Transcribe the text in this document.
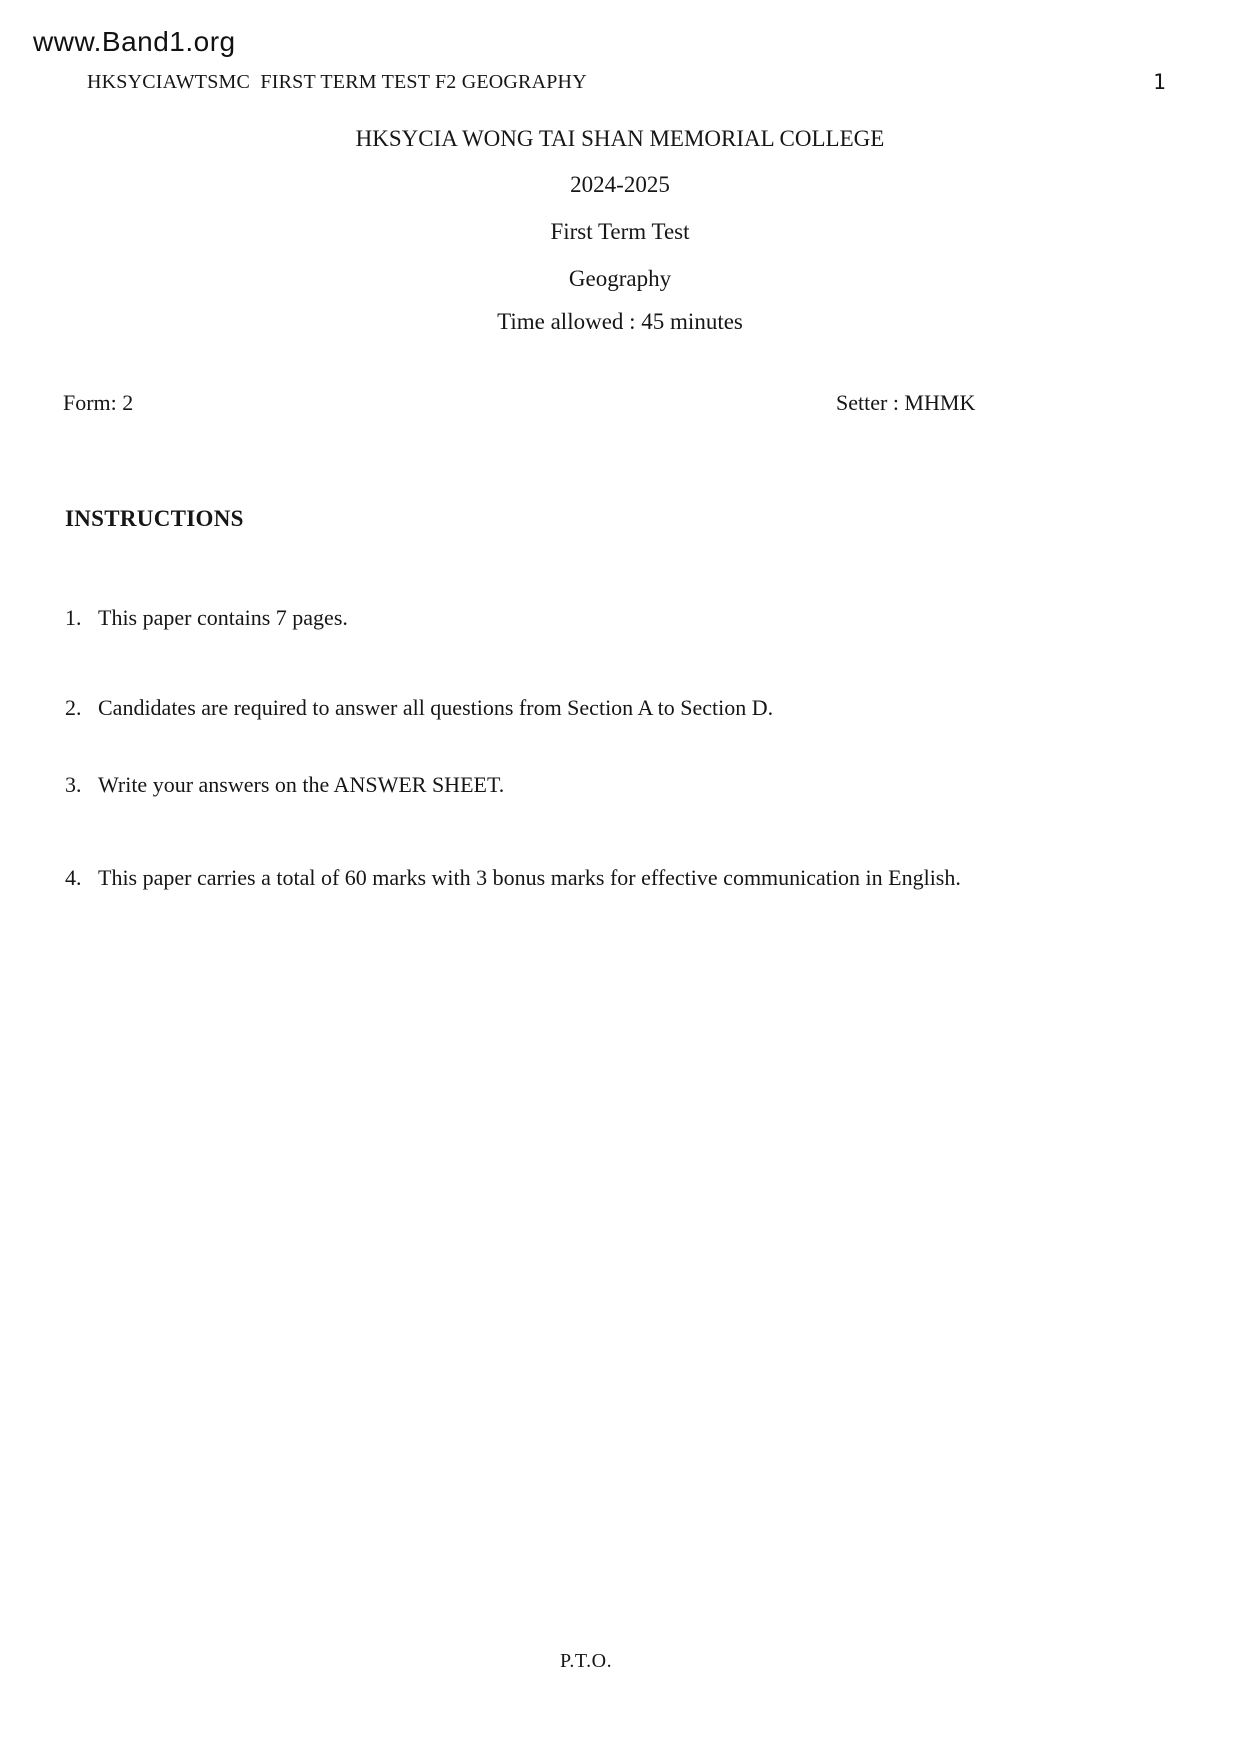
www.Band1.org
HKSYCIAWTSMC  FIRST TERM TEST F2 GEOGRAPHY	1
HKSYCIA WONG TAI SHAN MEMORIAL COLLEGE
2024-2025
First Term Test
Geography
Time allowed : 45 minutes
Form: 2	Setter : MHMK
INSTRUCTIONS
1. This paper contains 7 pages.
2. Candidates are required to answer all questions from Section A to Section D.
3. Write your answers on the ANSWER SHEET.
4. This paper carries a total of 60 marks with 3 bonus marks for effective communication in English.
P.T.O.
